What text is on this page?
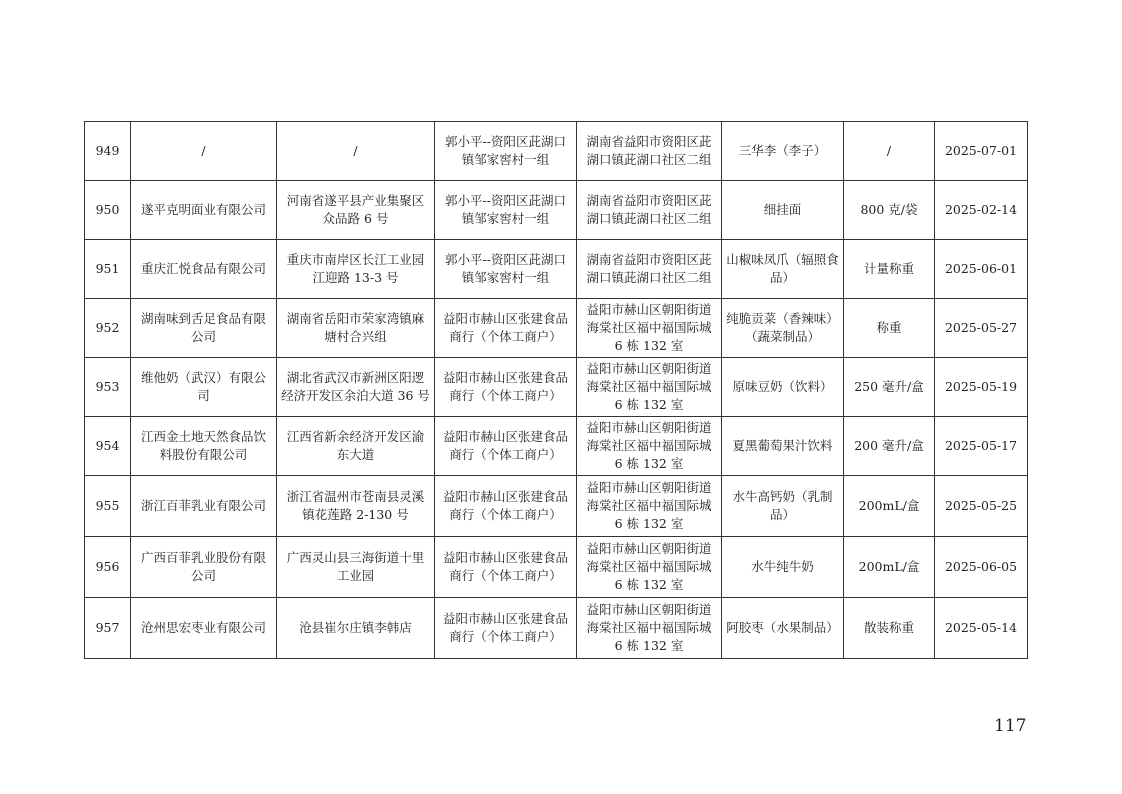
949	/	/	郭小平--资阳区茈湖口镇邹家窖村一组	湖南省益阳市资阳区茈湖口镇茈湖口社区二组	三华李（李子）	/	2025-07-01
950	遂平克明面业有限公司	河南省遂平县产业集聚区众品路 6 号	郭小平--资阳区茈湖口镇邹家窖村一组	湖南省益阳市资阳区茈湖口镇茈湖口社区二组	细挂面	800 克/袋	2025-02-14
951	重庆汇悦食品有限公司	重庆市南岸区长江工业园江迎路 13-3 号	郭小平--资阳区茈湖口镇邹家窖村一组	湖南省益阳市资阳区茈湖口镇茈湖口社区二组	山椒味凤爪（辐照食品）	计量称重	2025-06-01
952	湖南味到舌足食品有限公司	湖南省岳阳市荣家湾镇麻塘村合兴组	益阳市赫山区张建食品商行（个体工商户）	益阳市赫山区朝阳街道海棠社区福中福国际城 6 栋 132 室	纯脆贡菜（香辣味）（蔬菜制品）	称重	2025-05-27
953	维他奶（武汉）有限公司	湖北省武汉市新洲区阳逻经济开发区余泊大道 36 号	益阳市赫山区张建食品商行（个体工商户）	益阳市赫山区朝阳街道海棠社区福中福国际城 6 栋 132 室	原味豆奶（饮料）	250 毫升/盒	2025-05-19
954	江西金土地天然食品饮料股份有限公司	江西省新余经济开发区渝东大道	益阳市赫山区张建食品商行（个体工商户）	益阳市赫山区朝阳街道海棠社区福中福国际城 6 栋 132 室	夏黑葡萄果汁饮料	200 毫升/盒	2025-05-17
955	浙江百菲乳业有限公司	浙江省温州市苍南县灵溪镇花莲路 2-130 号	益阳市赫山区张建食品商行（个体工商户）	益阳市赫山区朝阳街道海棠社区福中福国际城 6 栋 132 室	水牛高钙奶（乳制品）	200mL/盒	2025-05-25
956	广西百菲乳业股份有限公司	广西灵山县三海街道十里工业园	益阳市赫山区张建食品商行（个体工商户）	益阳市赫山区朝阳街道海棠社区福中福国际城 6 栋 132 室	水牛纯牛奶	200mL/盒	2025-06-05
957	沧州思宏枣业有限公司	沧县崔尔庄镇李韩店	益阳市赫山区张建食品商行（个体工商户）	益阳市赫山区朝阳街道海棠社区福中福国际城 6 栋 132 室	阿胶枣（水果制品）	散装称重	2025-05-14
117
